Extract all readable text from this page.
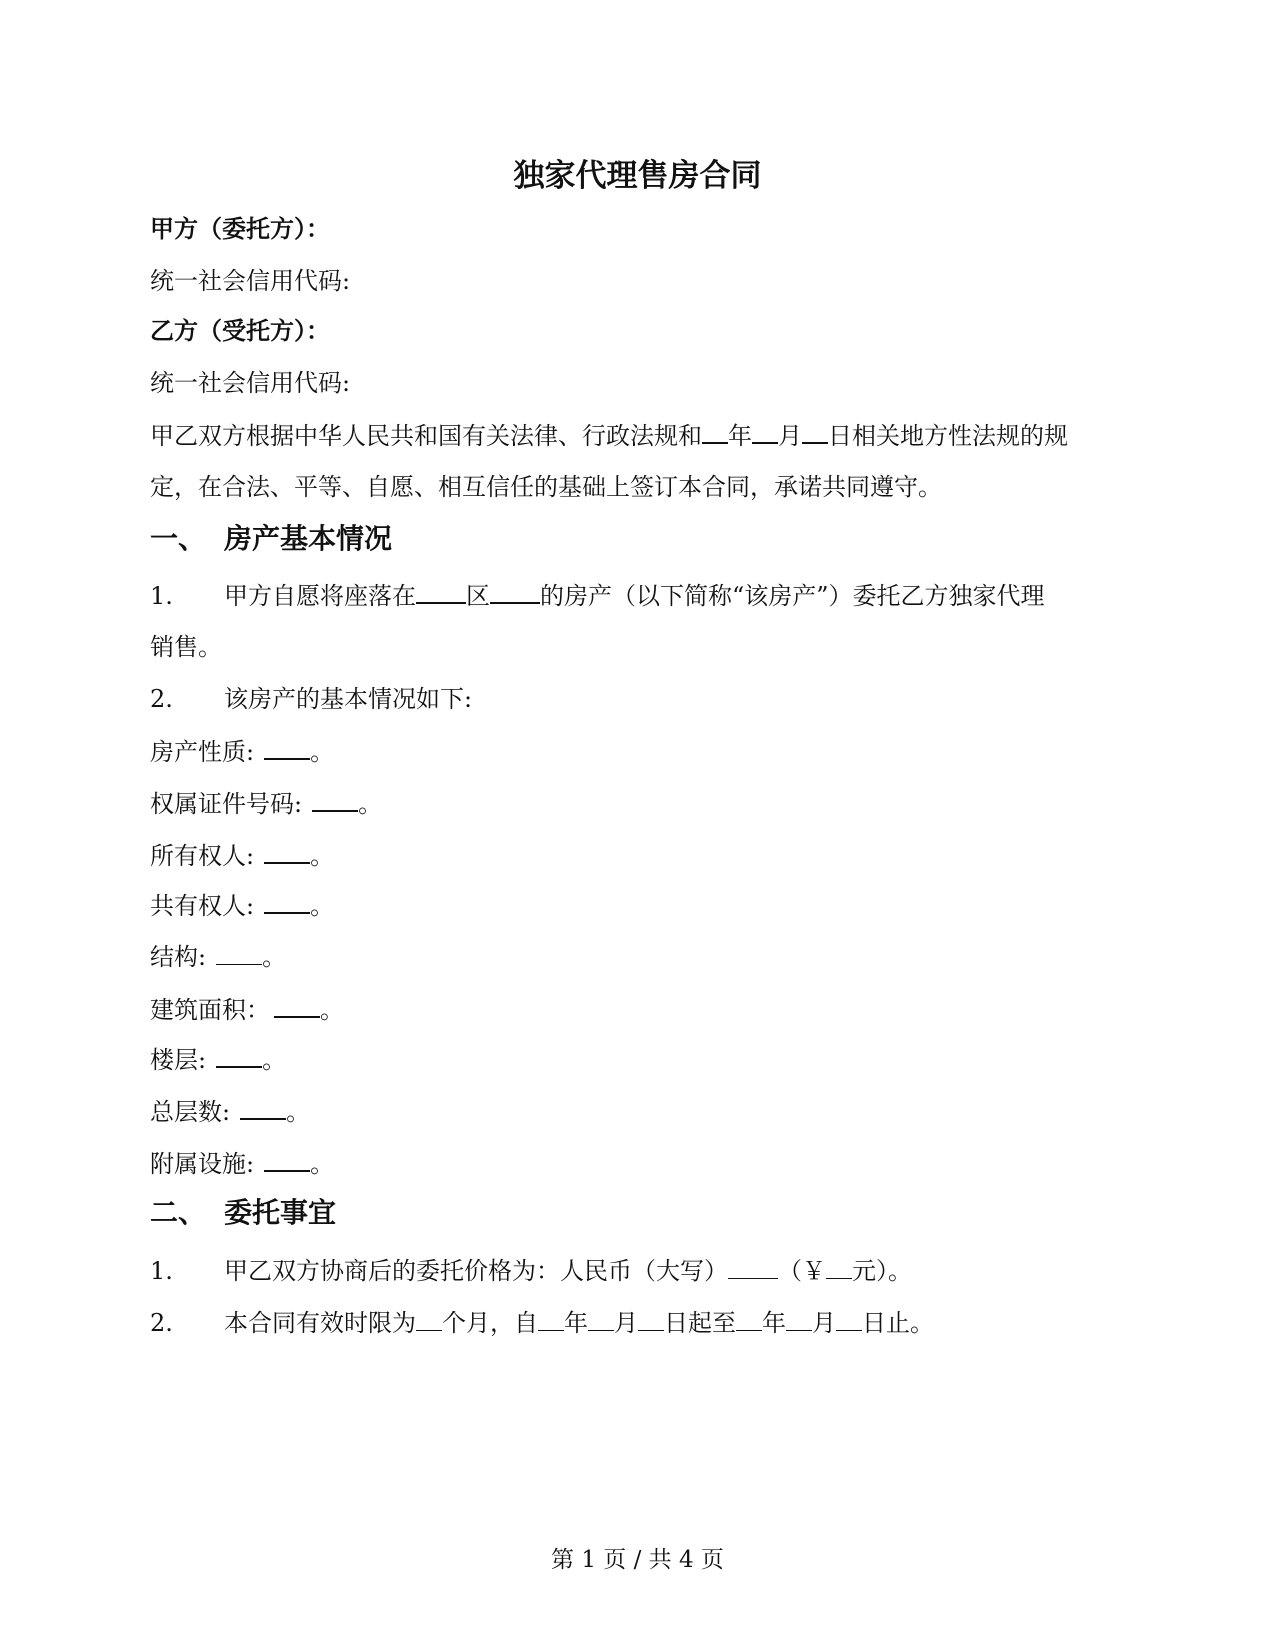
独家代理售房合同
甲方（委托方）：
统一社会信用代码:
乙方（受托方）：
统一社会信用代码:
甲乙双方根据中华人民共和国有关法律、行政法规和 年 月 日相关地方性法规的规
定，在合法、平等、自愿、相互信任的基础上签订本合同，承诺共同遵守。
一、 房产基本情况
1. 甲方自愿将座落在 区 的房产（以下简称“该房产”）委托乙方独家代理
销售。
2. 该房产的基本情况如下:
房产性质: 。
权属证件号码: 。
所有权人: 。
共有权人: 。
结构: 。
建筑面积： 。
楼层: 。
总层数: 。
附属设施: 。
二、 委托事宜
1. 甲乙双方协商后的委托价格为：人民币（大写） （￥ 元）。
2. 本合同有效时限为 个月，自 年 月 日起至 年 月 日止。
第 1 页 / 共 4 页
